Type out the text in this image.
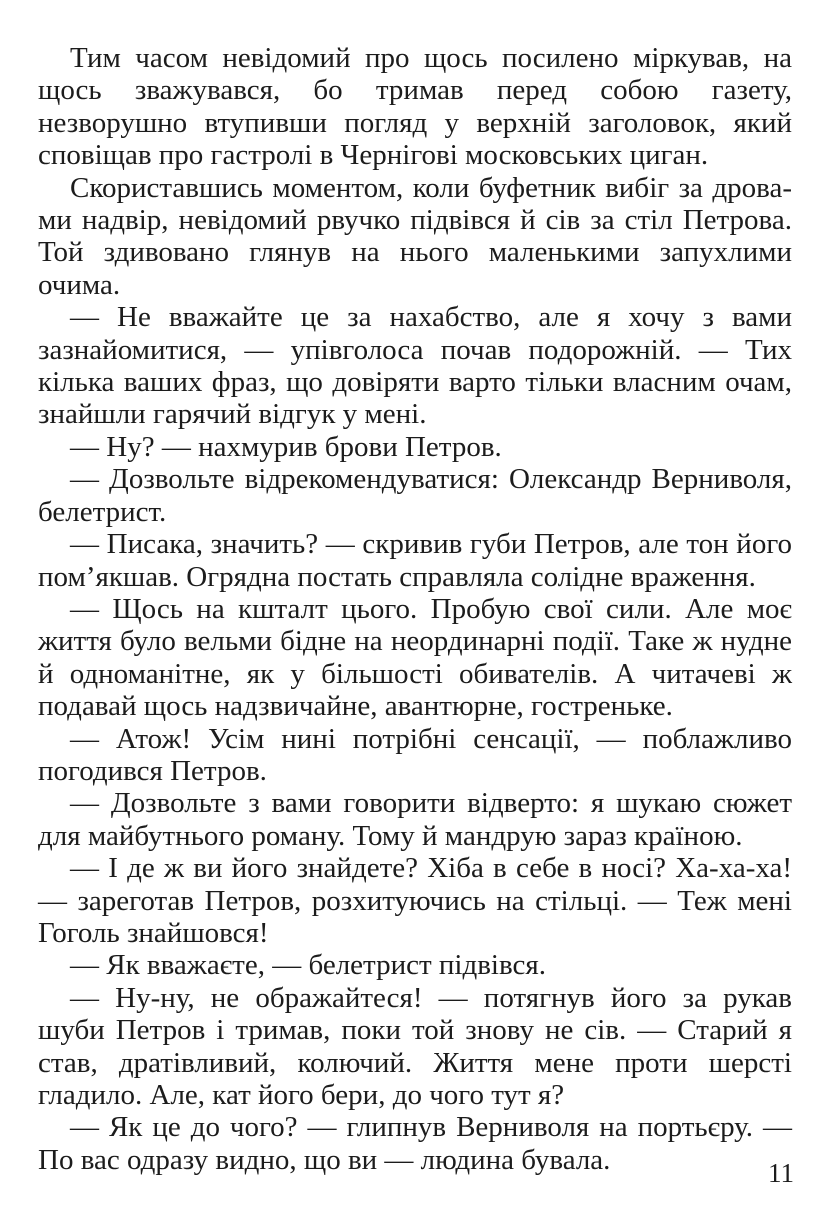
Тим часом невідомий про щось посилено міркував, на щось зважувався, бо тримав перед собою газету, незворушно втупивши погляд у верхній заголовок, який сповіщав про гастролі в Чернігові московських циган.

Скориставшись моментом, коли буфетник вибіг за дровами надвір, невідомий рвучко підвівся й сів за стіл Петрова. Той здивовано глянув на нього маленькими запухлими очима.

— Не вважайте це за нахабство, але я хочу з вами зазнайомитися, — упівголоса почав подорожній. — Тих кілька ваших фраз, що довіряти варто тільки власним очам, знайшли гарячий відгук у мені.

— Ну? — нахмурив брови Петров.

— Дозвольте відрекомендуватися: Олександр Верниволя, белетрист.

— Писака, значить? — скривив губи Петров, але тон його пом’якшав. Огрядна постать справляла солідне враження.

— Щось на кшталт цього. Пробую свої сили. Але моє життя було вельми бідне на неординарні події. Таке ж нудне й одноманітне, як у більшості обивателів. А читачеві ж подавай щось надзвичайне, авантюрне, гостреньке.

— Атож! Усім нині потрібні сенсації, — поблажливо погодився Петров.

— Дозвольте з вами говорити відверто: я шукаю сюжет для майбутнього роману. Тому й мандрую зараз країною.

— І де ж ви його знайдете? Хіба в себе в носі? Ха-ха-ха! — зареготав Петров, розхитуючись на стільці. — Теж мені Гоголь знайшовся!

— Як вважаєте, — белетрист підвівся.

— Ну-ну, не ображайтеся! — потягнув його за рукав шуби Петров і тримав, поки той знову не сів. — Старий я став, дратівливий, колючий. Життя мене проти шерсті гладило. Але, кат його бери, до чого тут я?

— Як це до чого? — глипнув Верниволя на портьєру. — По вас одразу видно, що ви — людина бувала.	11
